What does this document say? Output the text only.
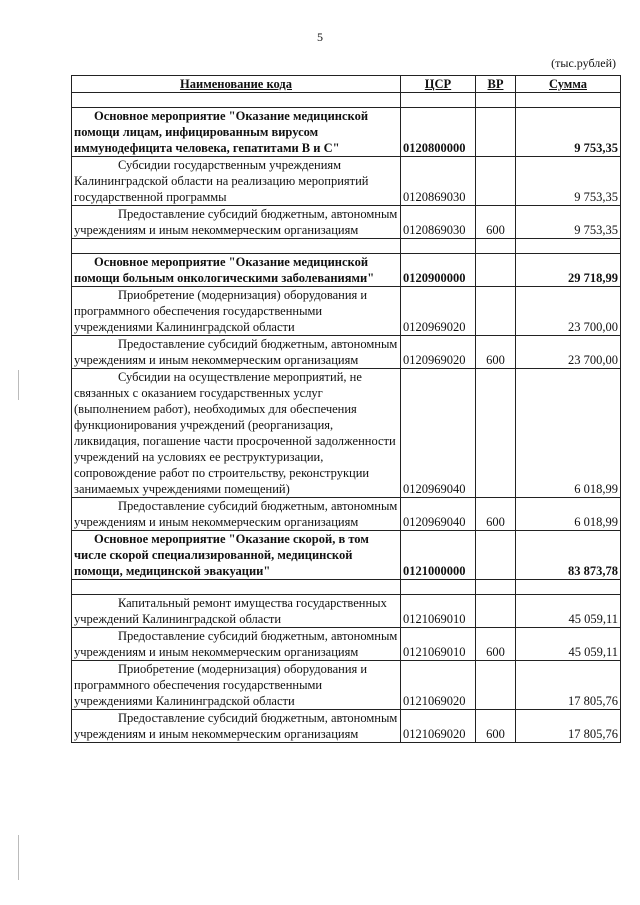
5
(тыс.рублей)
Наименование кода	ЦСР	ВР	Сумма

Основное мероприятие "Оказание медицинской помощи лицам, инфицированным вирусом иммунодефицита человека, гепатитами В и С"	0120800000		9 753,35
Субсидии государственным учреждениям Калининградской области на реализацию мероприятий государственной программы	0120869030		9 753,35
Предоставление субсидий бюджетным, автономным учреждениям и иным некоммерческим организациям	0120869030	600	9 753,35

Основное мероприятие "Оказание медицинской помощи больным онкологическими заболеваниями"	0120900000		29 718,99
Приобретение (модернизация) оборудования и программного обеспечения государственными учреждениями Калининградской области	0120969020		23 700,00
Предоставление субсидий бюджетным, автономным учреждениям и иным некоммерческим организациям	0120969020	600	23 700,00
Субсидии на осуществление мероприятий, не связанных с оказанием государственных услуг (выполнением работ), необходимых для обеспечения функционирования учреждений (реорганизация, ликвидация, погашение части просроченной задолженности учреждений на условиях ее реструктуризации, сопровождение работ по строительству, реконструкции занимаемых учреждениями помещений)	0120969040		6 018,99
Предоставление субсидий бюджетным, автономным учреждениям и иным некоммерческим организациям	0120969040	600	6 018,99
Основное мероприятие "Оказание скорой, в том числе скорой специализированной, медицинской помощи, медицинской эвакуации"	0121000000		83 873,78

Капитальный ремонт имущества государственных учреждений Калининградской области	0121069010		45 059,11
Предоставление субсидий бюджетным, автономным учреждениям и иным некоммерческим организациям	0121069010	600	45 059,11
Приобретение (модернизация) оборудования и программного обеспечения государственными учреждениями Калининградской области	0121069020		17 805,76
Предоставление субсидий бюджетным, автономным учреждениям и иным некоммерческим организациям	0121069020	600	17 805,76
